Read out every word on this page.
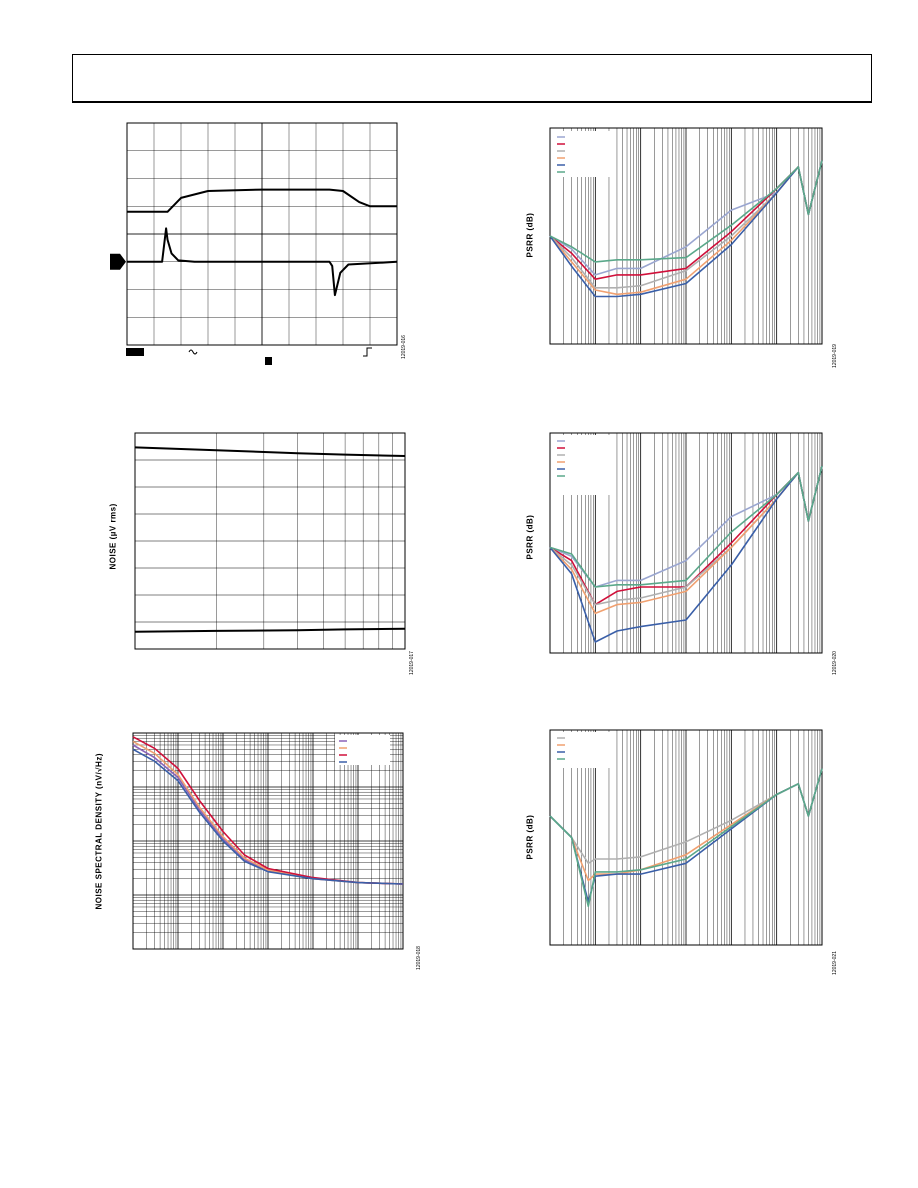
12019-016
NOISE (µV rms)
12019-017
NOISE SPECTRAL DENSITY (nV/√Hz)
12019-018
PSRR (dB)
12019-019
PSRR (dB)
12019-020
PSRR (dB)
12019-021
